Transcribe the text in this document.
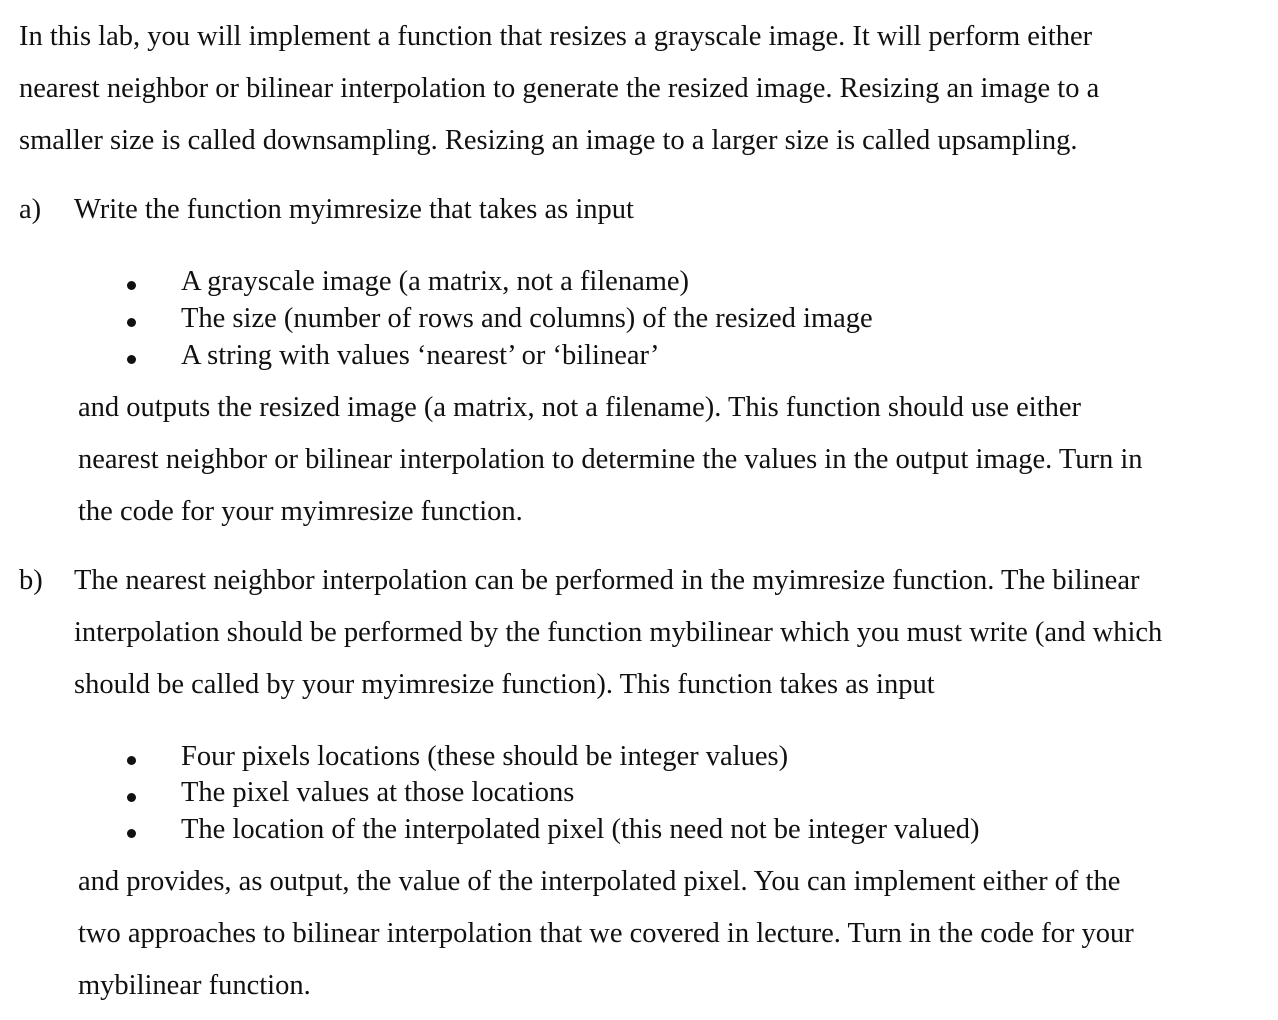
In this lab, you will implement a function that resizes a grayscale image. It will perform either
nearest neighbor or bilinear interpolation to generate the resized image. Resizing an image to a
smaller size is called downsampling. Resizing an image to a larger size is called upsampling.
a) Write the function myimresize that takes as input
A grayscale image (a matrix, not a filename)
The size (number of rows and columns) of the resized image
A string with values ‘nearest’ or ‘bilinear’
and outputs the resized image (a matrix, not a filename). This function should use either
nearest neighbor or bilinear interpolation to determine the values in the output image. Turn in
the code for your myimresize function.
b) The nearest neighbor interpolation can be performed in the myimresize function. The bilinear
interpolation should be performed by the function mybilinear which you must write (and which
should be called by your myimresize function). This function takes as input
Four pixels locations (these should be integer values)
The pixel values at those locations
The location of the interpolated pixel (this need not be integer valued)
and provides, as output, the value of the interpolated pixel. You can implement either of the
two approaches to bilinear interpolation that we covered in lecture. Turn in the code for your
mybilinear function.
